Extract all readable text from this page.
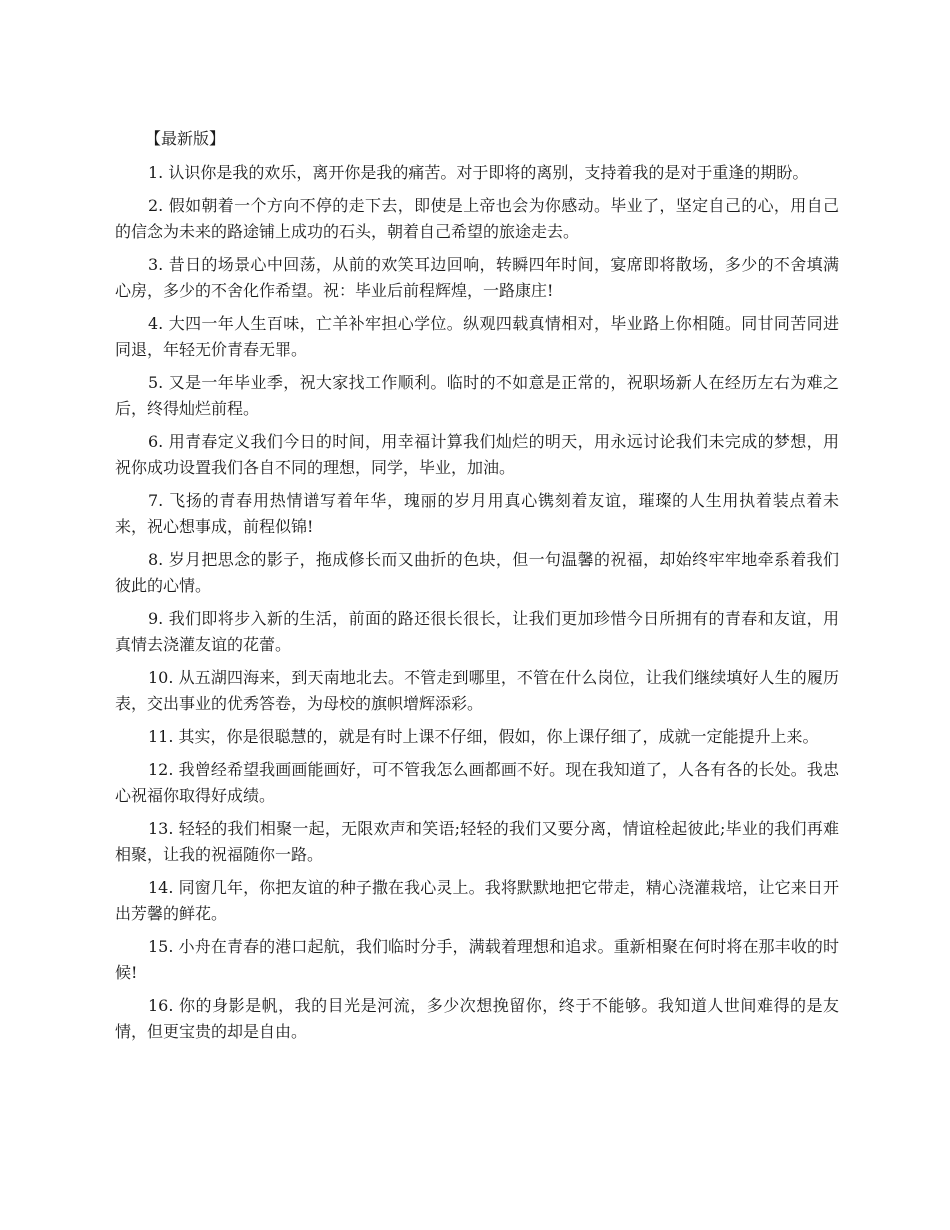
【最新版】

1. 认识你是我的欢乐，离开你是我的痛苦。对于即将的离别，支持着我的是对于重逢的期盼。

2. 假如朝着一个方向不停的走下去，即使是上帝也会为你感动。毕业了，坚定自己的心，用自己的信念为未来的路途铺上成功的石头，朝着自己希望的旅途走去。

3. 昔日的场景心中回荡，从前的欢笑耳边回响，转瞬四年时间，宴席即将散场，多少的不舍填满心房，多少的不舍化作希望。祝：毕业后前程辉煌，一路康庄!

4. 大四一年人生百味，亡羊补牢担心学位。纵观四载真情相对，毕业路上你相随。同甘同苦同进同退，年轻无价青春无罪。

5. 又是一年毕业季，祝大家找工作顺利。临时的不如意是正常的，祝职场新人在经历左右为难之后，终得灿烂前程。

6. 用青春定义我们今日的时间，用幸福计算我们灿烂的明天，用永远讨论我们未完成的梦想，用祝你成功设置我们各自不同的理想，同学，毕业，加油。

7. 飞扬的青春用热情谱写着年华，瑰丽的岁月用真心镌刻着友谊，璀璨的人生用执着装点着未来，祝心想事成，前程似锦!

8. 岁月把思念的影子，拖成修长而又曲折的色块，但一句温馨的祝福，却始终牢牢地牵系着我们彼此的心情。

9. 我们即将步入新的生活，前面的路还很长很长，让我们更加珍惜今日所拥有的青春和友谊，用真情去浇灌友谊的花蕾。

10. 从五湖四海来，到天南地北去。不管走到哪里，不管在什么岗位，让我们继续填好人生的履历表，交出事业的优秀答卷，为母校的旗帜增辉添彩。

11. 其实，你是很聪慧的，就是有时上课不仔细，假如，你上课仔细了，成就一定能提升上来。

12. 我曾经希望我画画能画好，可不管我怎么画都画不好。现在我知道了，人各有各的长处。我忠心祝福你取得好成绩。

13. 轻轻的我们相聚一起，无限欢声和笑语;轻轻的我们又要分离，情谊栓起彼此;毕业的我们再难相聚，让我的祝福随你一路。

14. 同窗几年，你把友谊的种子撒在我心灵上。我将默默地把它带走，精心浇灌栽培，让它来日开出芳馨的鲜花。

15. 小舟在青春的港口起航，我们临时分手，满载着理想和追求。重新相聚在何时将在那丰收的时候!

16. 你的身影是帆，我的目光是河流，多少次想挽留你，终于不能够。我知道人世间难得的是友情，但更宝贵的却是自由。
